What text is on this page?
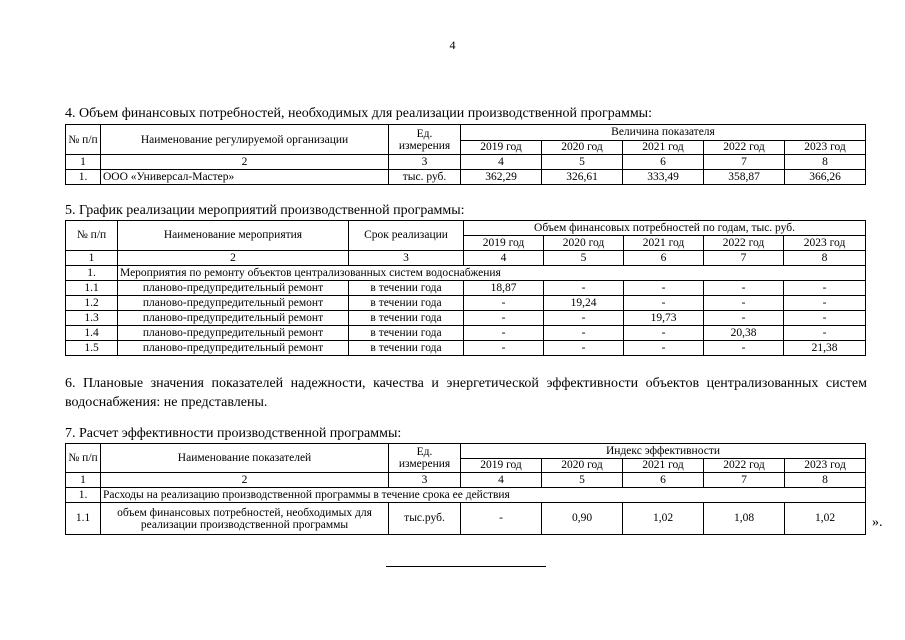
4
4. Объем финансовых потребностей, необходимых для реализации производственной программы:
№ п/п	Наименование регулируемой организации	Ед. измерения	Величина показателя				
			2019 год	2020 год	2021 год	2022 год	2023 год
1	2	3	4	5	6	7	8
1.	ООО «Универсал-Мастер»	тыс. руб.	362,29	326,61	333,49	358,87	366,26
5. График реализации мероприятий производственной программы:
№ п/п	Наименование мероприятия	Срок реализации	Объем финансовых потребностей по годам, тыс. руб.				
			2019 год	2020 год	2021 год	2022 год	2023 год
1	2	3	4	5	6	7	8
1.	Мероприятия по ремонту объектов централизованных систем водоснабжения						
1.1	планово-предупредительный ремонт	в течении года	18,87	-	-	-	-
1.2	планово-предупредительный ремонт	в течении года	-	19,24	-	-	-
1.3	планово-предупредительный ремонт	в течении года	-	-	19,73	-	-
1.4	планово-предупредительный ремонт	в течении года	-	-	-	20,38	-
1.5	планово-предупредительный ремонт	в течении года	-	-	-	-	21,38
6. Плановые значения показателей надежности, качества и энергетической эффективности объектов централизованных систем водоснабжения: не представлены.
7. Расчет эффективности производственной программы:
№ п/п	Наименование показателей	Ед. измерения	Индекс эффективности				
			2019 год	2020 год	2021 год	2022 год	2023 год
1	2	3	4	5	6	7	8
1.	Расходы на реализацию производственной программы в течение срока ее действия						
1.1	объем финансовых потребностей, необходимых для реализации производственной программы	тыс.руб.	-	0,90	1,02	1,08	1,02	».
